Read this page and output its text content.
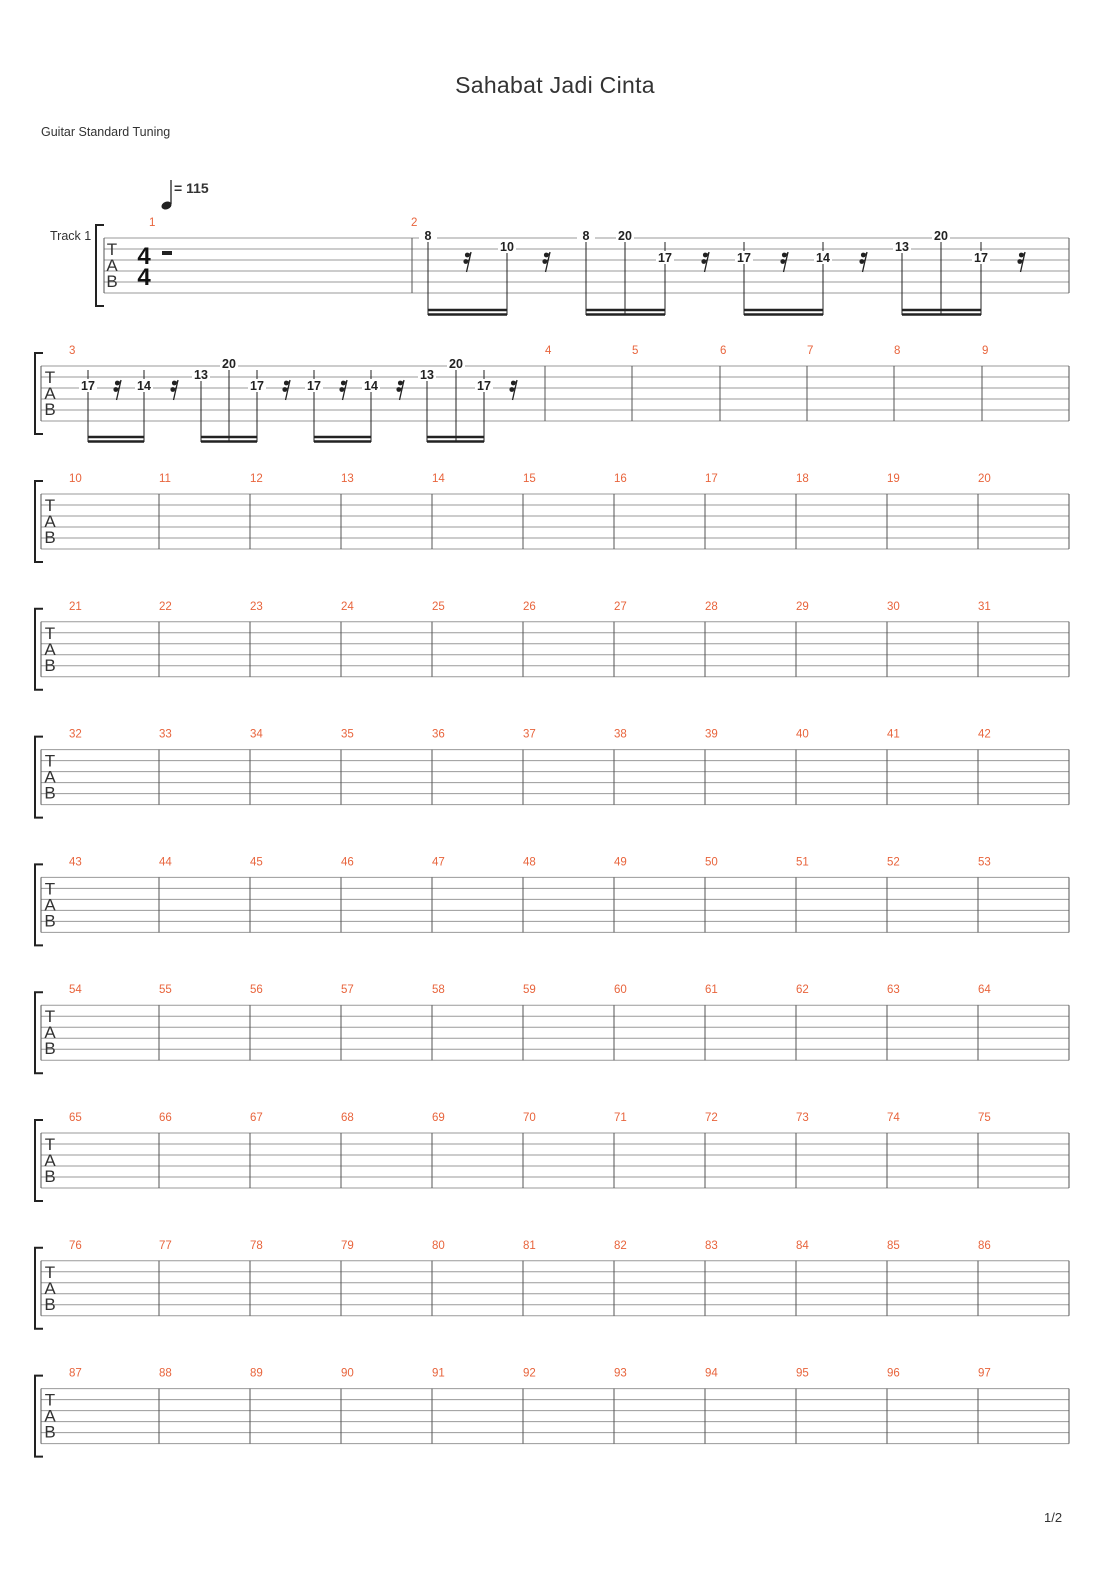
Sahabat Jadi Cinta
Guitar Standard Tuning
= 115
Track 1
T
A
B
4
4
1	2
8
10
8 20
17	17	14
13
20
17
T
A
B
3	4	5	6	7	8	9
17	14
13
20
17	17	14
13
20
17
T
A
B
10	11	12	13	14	15	16	17	18	19	20
T
A
B
21	22	23	24	25	26	27	28	29	30	31
T
A
B
32	33	34	35	36	37	38	39	40	41	42
T
A
B
43	44	45	46	47	48	49	50	51	52	53
T
A
B
54	55	56	57	58	59	60	61	62	63	64
T
A
B
65	66	67	68	69	70	71	72	73	74	75
T
A
B
76	77	78	79	80	81	82	83	84	85	86
T
A
B
87	88	89	90	91	92	93	94	95	96	97
1/2
